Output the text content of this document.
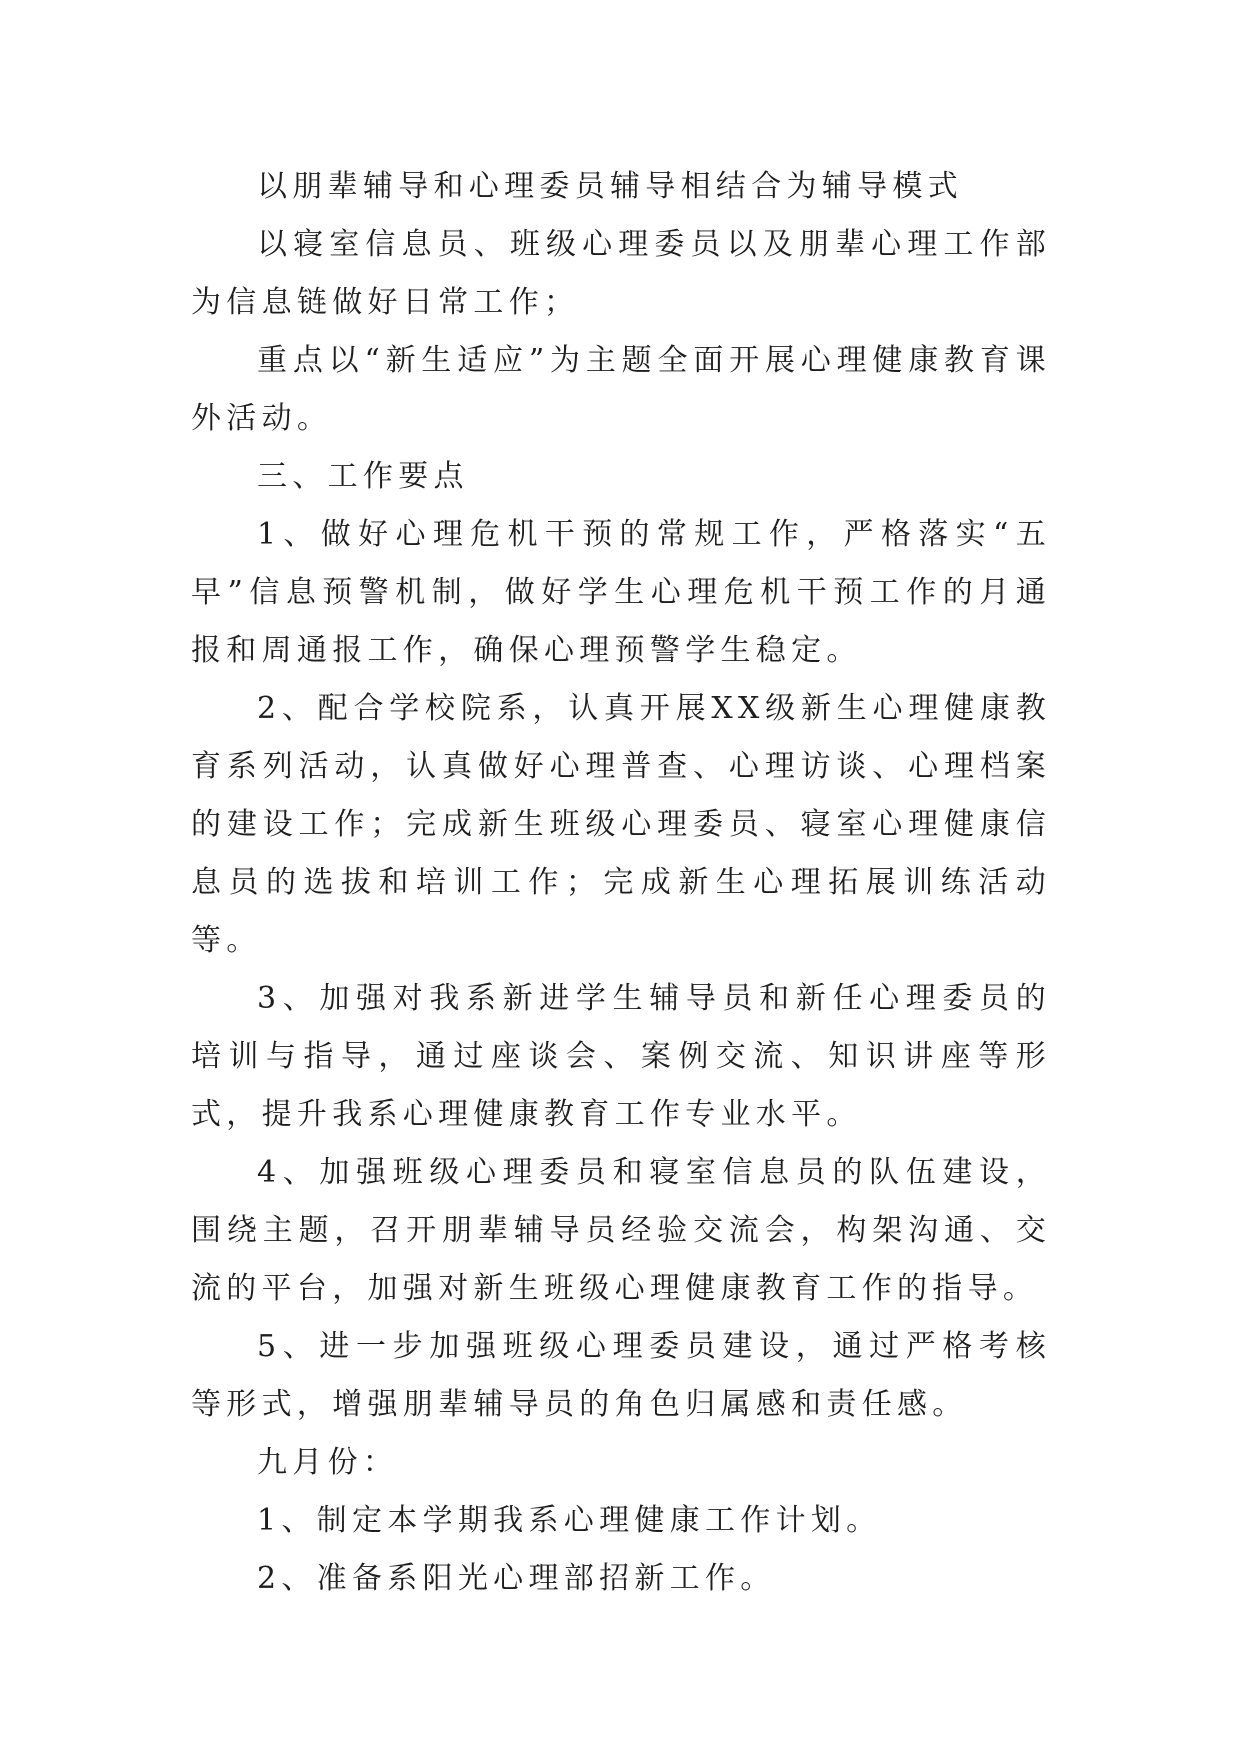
以朋辈辅导和心理委员辅导相结合为辅导模式

以寝室信息员、班级心理委员以及朋辈心理工作部为信息链做好日常工作；

重点以“新生适应”为主题全面开展心理健康教育课外活动。

三、工作要点

1、做好心理危机干预的常规工作，严格落实“五早”信息预警机制，做好学生心理危机干预工作的月通报和周通报工作，确保心理预警学生稳定。

2、配合学校院系，认真开展XX级新生心理健康教育系列活动，认真做好心理普查、心理访谈、心理档案的建设工作；完成新生班级心理委员、寝室心理健康信息员的选拔和培训工作；完成新生心理拓展训练活动等。

3、加强对我系新进学生辅导员和新任心理委员的培训与指导，通过座谈会、案例交流、知识讲座等形式，提升我系心理健康教育工作专业水平。

4、加强班级心理委员和寝室信息员的队伍建设，围绕主题，召开朋辈辅导员经验交流会，构架沟通、交流的平台，加强对新生班级心理健康教育工作的指导。

5、进一步加强班级心理委员建设，通过严格考核等形式，增强朋辈辅导员的角色归属感和责任感。

九月份：

1、制定本学期我系心理健康工作计划。

2、准备系阳光心理部招新工作。
